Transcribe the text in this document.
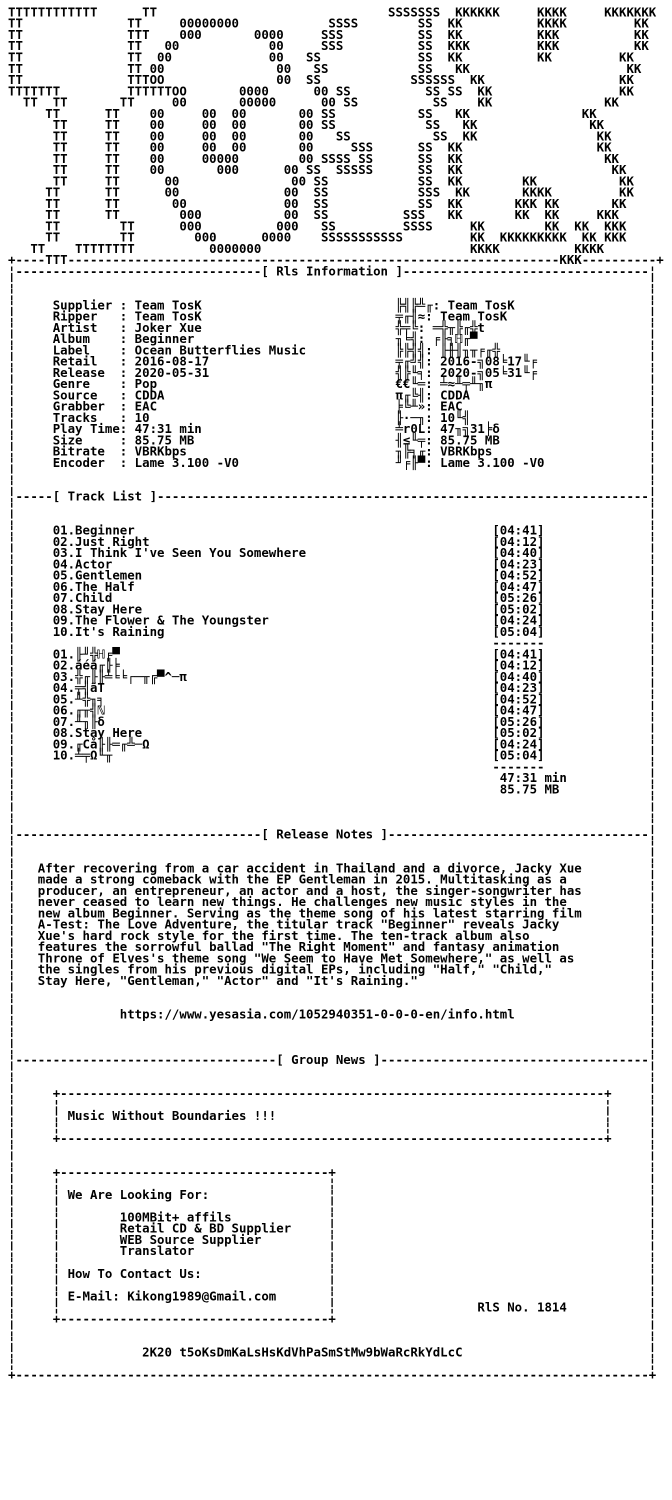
TTTTTTTTTTTT      TT                               SSSSSSS  KKKKKK     KKKK     KKKKKKK
TT              TT     00000000            SSSS        SS  KK          KKKK         KK
TT              TTT    000       0000     SSS          SS  KK          KKK          KK
TT              TT   00            00     SSS          SS  KKK         KKK          KK
TT              TT  00             00   SS             SS  KK          KK         KK
TT              TT 00               00   SS            SS   KK                     KK
TT              TTTOO               00  SS            SSSSSS  KK                  KK
TTTTTTT         TTTTTTOO       0000      00 SS          SS SS  KK                 KK
TT  TT       TT     00       00000      00 SS          SS    KK               KK
TT      TT    00     00  00       00 SS           SS   KK               KK
TT     TT    00     00  00       00 SS            SS   KK               KK
TT     TT    00     00  00       00   SS           SS  KK                KK
TT     TT    00     00  00       00     SSS      SS  KK                  KK
TT     TT    00     00000        00 SSSS SS      SS  KK                   KK
TT     TT    00       000      00 SS  SSSSS      SS  KK                    KK
TT     TT      00               00 SS            SS  KK        KK           KK
TT      TT      00              00  SS            SSS  KK       KKKK         KK
TT      TT       00             00  SS            SS  KK       KKK KK       KK
TT      TT        000           00  SS          SSS   KK       KK  KK     KKK
TT        TT      000          000   SS         SSSS     KK        KK  KK  KKK
TT        TT        000      0000    SSSSSSSSSSS         KK  KKKKKKKKK  KK KKK
TT    TTTTTTTT          0000000                            KKKK          KKKK
+----TTT------------------------------------------------------------------KKK----------+
¦---------------------------------[ Rls Information ]---------------------------------¦
¦                                                                                     ¦
¦                                                                                     ¦
¦     Supplier : Team TosK                          ╠╣╠╩╓: Team TosK                  ¦
¦     Ripper   : Team TosK                          ╤╓╢≈: Team TosK                   ¦
¦     Artist   : Joker Xue                          ╬╤╚: ═╬╥╠╓╬t                      ¦
¦     Album    : Beginner                           ╖╘╣: ╒╟╕ℍ╓▀                       ¦
¦     Label    : Ocean Butterflies Music            ╠╠╣╣: ╟╫╢╖╥╒╓╬                    ¦
¦     Retail   : 2016-08-17                         ╤╓╝╣: 2016-╗08╘17╙╒               ¦
¦     Release  : 2020-05-31                         ╣╠╙╕: 2020-╗05╘31╙╒               ¦
¦     Genre    : Pop                                €€╙═: ╧≈╨╤╨╖π                     ¦
¦     Source   : CDDA                               π╓╚╢: CDDA                        ¦
¦     Grabber  : EAC                                ╞╚╨»: EAC                         ¦
¦     Tracks   : 10                                 ╟·─╖: 10╙╣                        ¦
¦     Play Time: 47:31 min                          ╧r0L: 47╖╗31╞δ                    ¦
¦     Size     : 85.75 MB                           ╢≤╙╤: 85.75 MB                    ¦
¦     Bitrate  : VBRKbps                            ╖╠╕╓: VBRKbps                     ¦
¦     Encoder  : Lame 3.100 -V0                     ╜╒╟▀: Lame 3.100 -V0              ¦
¦                                                                                     ¦
¦                                                                                     ¦
¦-----[ Track List ]------------------------------------------------------------------¦
¦                                                                                     ¦
¦                                                                                     ¦
¦     01.Beginner                                                [04:41]              ¦
¦     02.Just Right                                              [04:12]              ¦
¦     03.I Think I've Seen You Somewhere                         [04:40]              ¦
¦     04.Actor                                                   [04:23]              ¦
¦     05.Gentlemen                                               [04:52]              ¦
¦     06.The Half                                                [04:47]              ¦
¦     07.Child                                                   [05:26]              ¦
¦     08.Stay Here                                               [05:02]              ¦
¦     09.The Flower & The Youngster                              [04:24]              ¦
¦     10.It's Raining                                            [05:04]              ¦
¦                                                                -------              ¦
¦     01.╟╜╬ℍ╒▀                                                  [04:41]              ¦
¦     02.áéá╓╟╞                                                  [04:12]              ¦
¦     03.╬╓╟╟╧╘╘┌─╥╔▀^─π                                         [04:40]              ¦
¦     04.╤╣ãT                                                    [04:23]              ¦
¦     05.╨╬╖╕                                                    [04:52]              ¦
¦     06.╓╥╣ℕ                                                    [04:47]              ¦
¦     07.╨╖╟δ                                                    [05:26]              ¦
¦     08.Stay Here                                               [05:02]              ¦
¦     09.╓Cå╟╟═╓╩─Ω                                              [04:24]              ¦
¦     10.╧╤Ω╙╥                                                   [05:04]              ¦
¦                                                                -------              ¦
¦                                                                 47:31 min           ¦
¦                                                                 85.75 MB            ¦
¦                                                                                     ¦
¦                                                                                     ¦
¦                                                                                     ¦
¦---------------------------------[ Release Notes ]-----------------------------------¦
¦                                                                                     ¦
¦                                                                                     ¦
¦   After recovering from a car accident in Thailand and a divorce, Jacky Xue         ¦
¦   made a strong comeback with the EP Gentleman in 2015. Multitasking as a           ¦
¦   producer, an entrepreneur, an actor and a host, the singer-songwriter has         ¦
¦   never ceased to learn new things. He challenges new music styles in the           ¦
¦   new album Beginner. Serving as the theme song of his latest starring film         ¦
¦   A-Test: The Love Adventure, the titular track "Beginner" reveals Jacky            ¦
¦   Xue's hard rock style for the first time. The ten-track album also                ¦
¦   features the sorrowful ballad "The Right Moment" and fantasy animation            ¦
¦   Throne of Elves's theme song "We Seem to Have Met Somewhere," as well as          ¦
¦   the singles from his previous digital EPs, including "Half," "Child,"             ¦
¦   Stay Here, "Gentleman," "Actor" and "It's Raining."                               ¦
¦                                                                                     ¦
¦                                                                                     ¦
¦              https://www.yesasia.com/1052940351-0-0-0-en/info.html                  ¦
¦                                                                                     ¦
¦                                                                                     ¦
¦                                                                                     ¦
¦-----------------------------------[ Group News ]------------------------------------¦
¦                                                                                     ¦
¦                                                                                     ¦
¦     +-------------------------------------------------------------------------+     ¦
¦     ¦                                                                         ¦     ¦
¦     ¦ Music Without Boundaries !!!                                            ¦     ¦
¦     ¦                                                                         ¦     ¦
¦     +-------------------------------------------------------------------------+     ¦
¦                                                                                     ¦
¦                                                                                     ¦
¦     +------------------------------------+                                          ¦
¦     ¦                                    ¦                                          ¦
¦     ¦ We Are Looking For:                ¦                                          ¦
¦     ¦                                    ¦                                          ¦
¦     ¦        100MBit+ affils             ¦                                          ¦
¦     ¦        Retail CD & BD Supplier     ¦                                          ¦
¦     ¦        WEB Source Supplier         ¦                                          ¦
¦     ¦        Translator                  ¦                                          ¦
¦     ¦                                    ¦                                          ¦
¦     ¦ How To Contact Us:                 ¦                                          ¦
¦     ¦                                    ¦                                          ¦
¦     ¦ E-Mail: Kikong1989@Gmail.com       ¦                                          ¦
¦     ¦                                    ¦                   RlS No. 1814           ¦
¦     +------------------------------------+                                          ¦
¦                                                                                     ¦
¦                                                                                     ¦
¦                 2K20 t5oKsDmKaLsHsKdVhPaSmStMw9bWaRcRkYdLcC                         ¦
¦                                                                                     ¦
+-------------------------------------------------------------------------------------+
